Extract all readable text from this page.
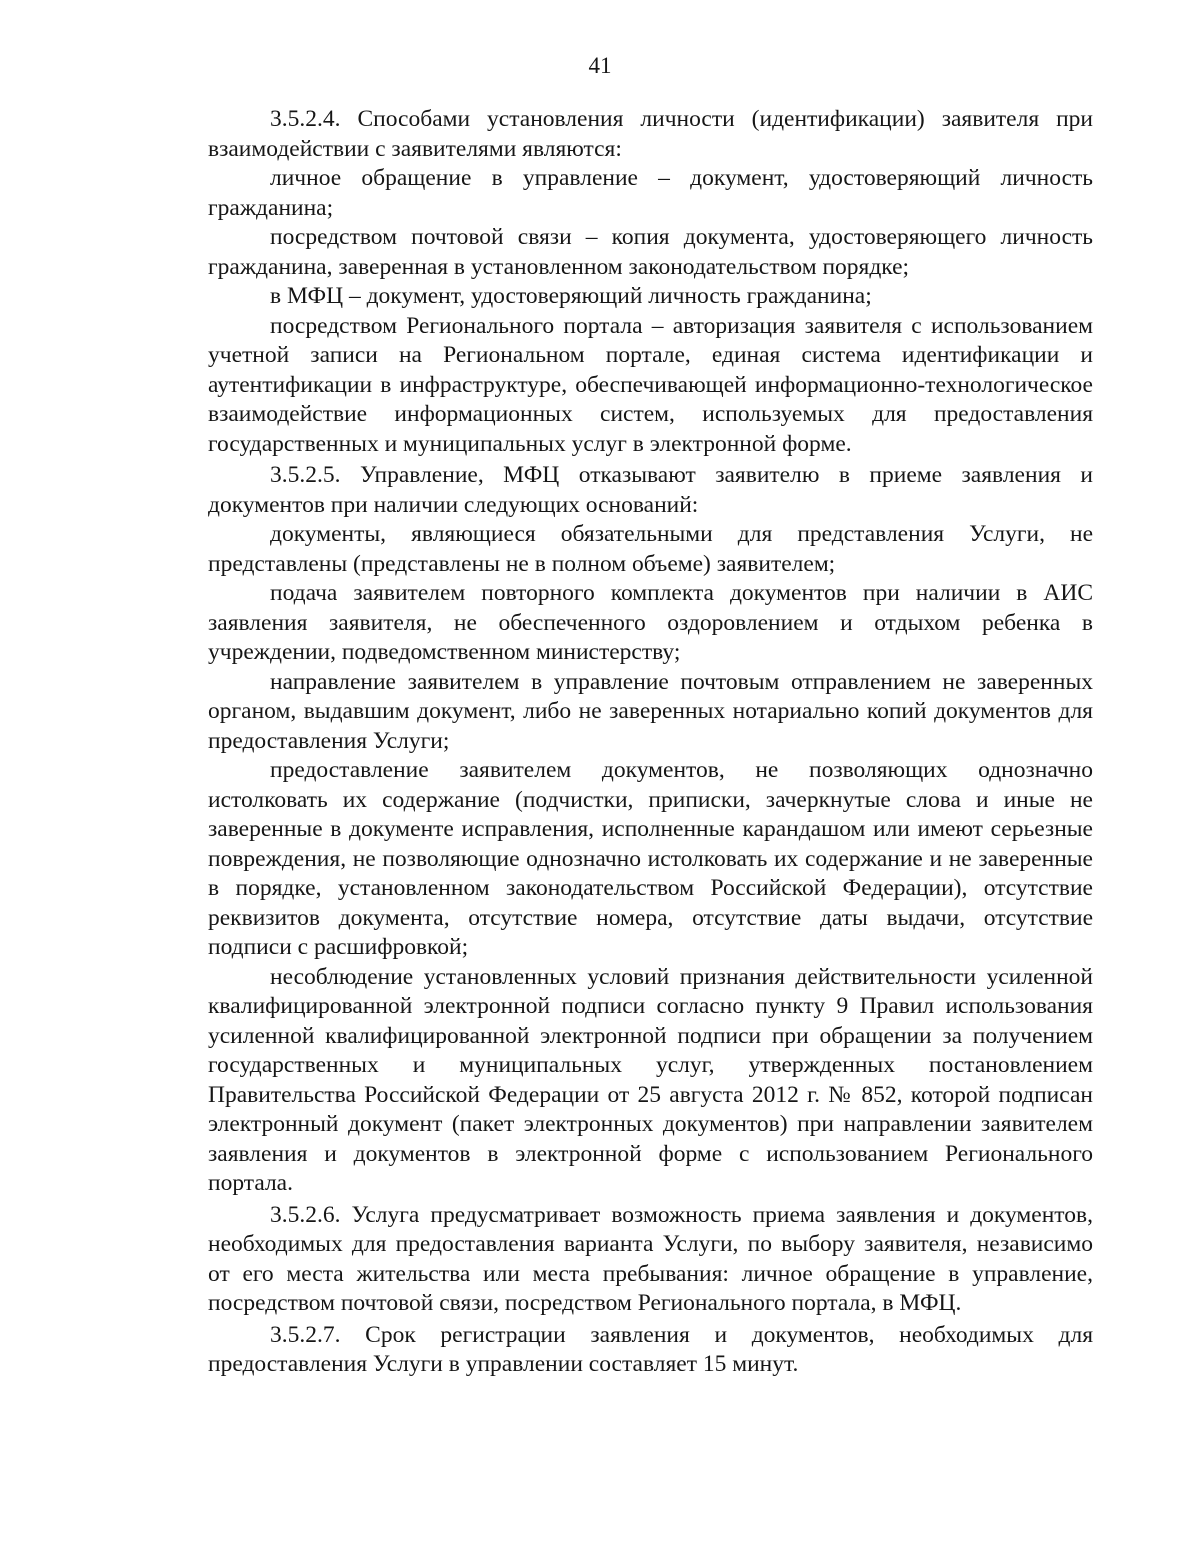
41

3.5.2.4. Способами установления личности (идентификации) заявителя при взаимодействии с заявителями являются:

личное обращение в управление – документ, удостоверяющий личность гражданина;

посредством почтовой связи – копия документа, удостоверяющего личность гражданина, заверенная в установленном законодательством порядке;

в МФЦ – документ, удостоверяющий личность гражданина;

посредством Регионального портала – авторизация заявителя с использованием учетной записи на Региональном портале, единая система идентификации и аутентификации в инфраструктуре, обеспечивающей информационно-технологическое взаимодействие информационных систем, используемых для предоставления государственных и муниципальных услуг в электронной форме.

3.5.2.5. Управление, МФЦ отказывают заявителю в приеме заявления и документов при наличии следующих оснований:

документы, являющиеся обязательными для представления Услуги, не представлены (представлены не в полном объеме) заявителем;

подача заявителем повторного комплекта документов при наличии в АИС заявления заявителя, не обеспеченного оздоровлением и отдыхом ребенка в учреждении, подведомственном министерству;

направление заявителем в управление почтовым отправлением не заверенных органом, выдавшим документ, либо не заверенных нотариально копий документов для предоставления Услуги;

предоставление заявителем документов, не позволяющих однозначно истолковать их содержание (подчистки, приписки, зачеркнутые слова и иные не заверенные в документе исправления, исполненные карандашом или имеют серьезные повреждения, не позволяющие однозначно истолковать их содержание и не заверенные в порядке, установленном законодательством Российской Федерации), отсутствие реквизитов документа, отсутствие номера, отсутствие даты выдачи, отсутствие подписи с расшифровкой;

несоблюдение установленных условий признания действительности усиленной квалифицированной электронной подписи согласно пункту 9 Правил использования усиленной квалифицированной электронной подписи при обращении за получением государственных и муниципальных услуг, утвержденных постановлением Правительства Российской Федерации от 25 августа 2012 г. № 852, которой подписан электронный документ (пакет электронных документов) при направлении заявителем заявления и документов в электронной форме с использованием Регионального портала.

3.5.2.6. Услуга предусматривает возможность приема заявления и документов, необходимых для предоставления варианта Услуги, по выбору заявителя, независимо от его места жительства или места пребывания: личное обращение в управление, посредством почтовой связи, посредством Регионального портала, в МФЦ.

3.5.2.7. Срок регистрации заявления и документов, необходимых для предоставления Услуги в управлении составляет 15 минут.
